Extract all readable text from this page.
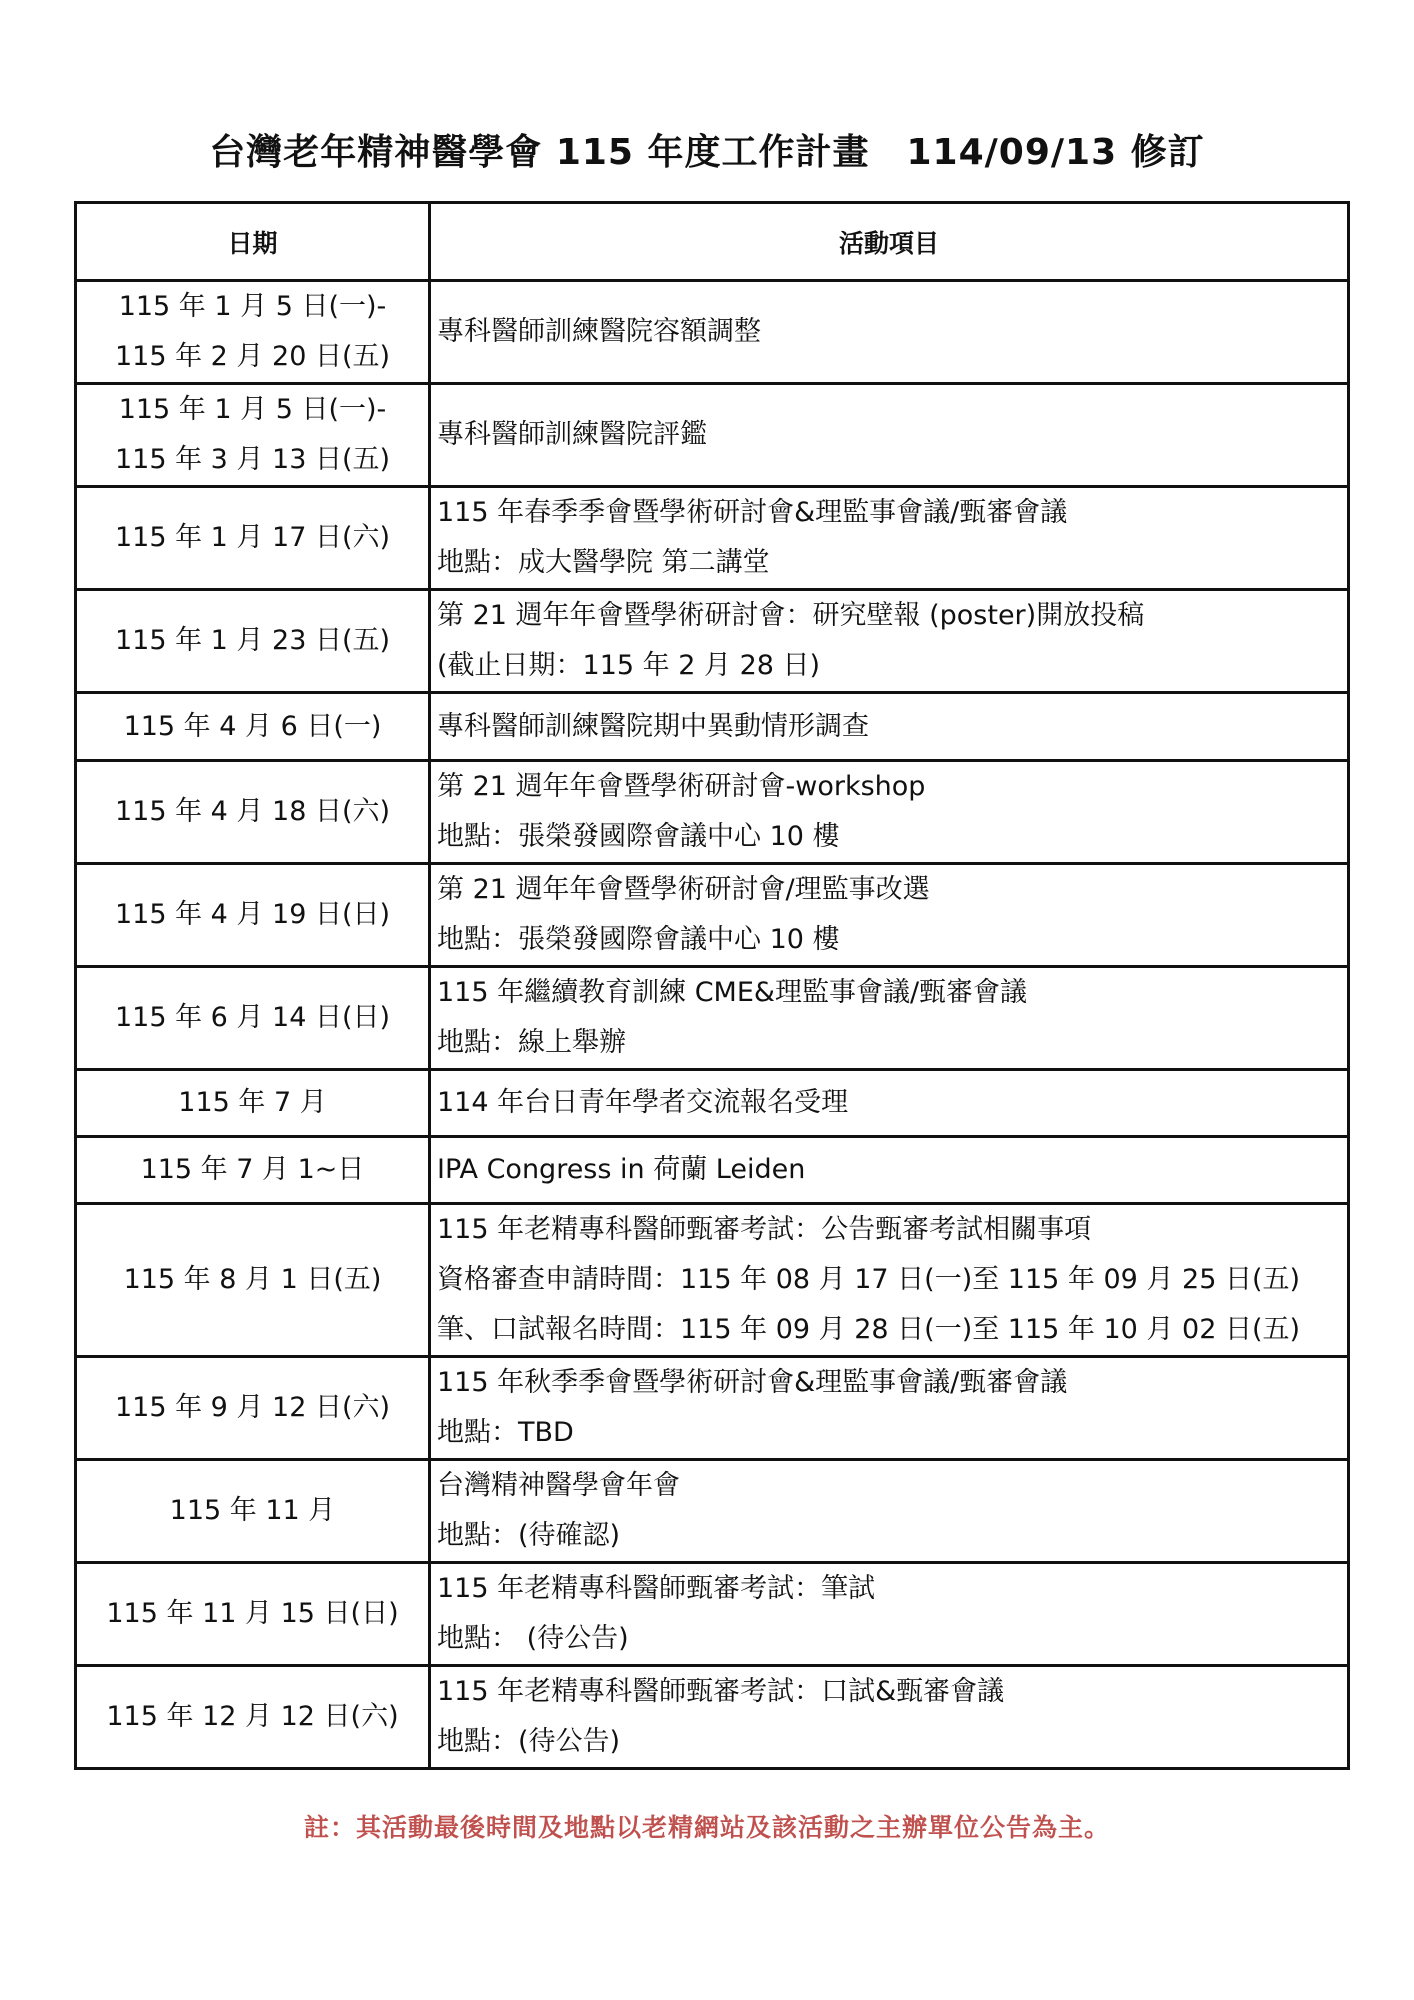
台灣老年精神醫學會 115 年度工作計畫　114/09/13 修訂
日期	活動項目

115 年 1 月 5 日(一)-
115 年 2 月 20 日(五)	專科醫師訓練醫院容額調整

115 年 1 月 5 日(一)-
115 年 3 月 13 日(五)	專科醫師訓練醫院評鑑

115 年 1 月 17 日(六)	115 年春季季會暨學術研討會&理監事會議/甄審會議
地點：成大醫學院 第二講堂

115 年 1 月 23 日(五)	第 21 週年年會暨學術研討會：研究壁報 (poster)開放投稿
(截止日期：115 年 2 月 28 日)

115 年 4 月 6 日(一)	專科醫師訓練醫院期中異動情形調查

115 年 4 月 18 日(六)	第 21 週年年會暨學術研討會-workshop
地點：張榮發國際會議中心 10 樓

115 年 4 月 19 日(日)	第 21 週年年會暨學術研討會/理監事改選
地點：張榮發國際會議中心 10 樓

115 年 6 月 14 日(日)	115 年繼續教育訓練 CME&理監事會議/甄審會議
地點：線上舉辦

115 年 7 月	114 年台日青年學者交流報名受理

115 年 7 月 1~日	IPA Congress in 荷蘭 Leiden

115 年 8 月 1 日(五)	115 年老精專科醫師甄審考試：公告甄審考試相關事項
資格審查申請時間：115 年 08 月 17 日(一)至 115 年 09 月 25 日(五)
筆、口試報名時間：115 年 09 月 28 日(一)至 115 年 10 月 02 日(五)

115 年 9 月 12 日(六)	115 年秋季季會暨學術研討會&理監事會議/甄審會議
地點：TBD

115 年 11 月	台灣精神醫學會年會
地點：(待確認)

115 年 11 月 15 日(日)	115 年老精專科醫師甄審考試：筆試
地點： (待公告)

115 年 12 月 12 日(六)	115 年老精專科醫師甄審考試：口試&甄審會議
地點：(待公告)
註：其活動最後時間及地點以老精網站及該活動之主辦單位公告為主。
